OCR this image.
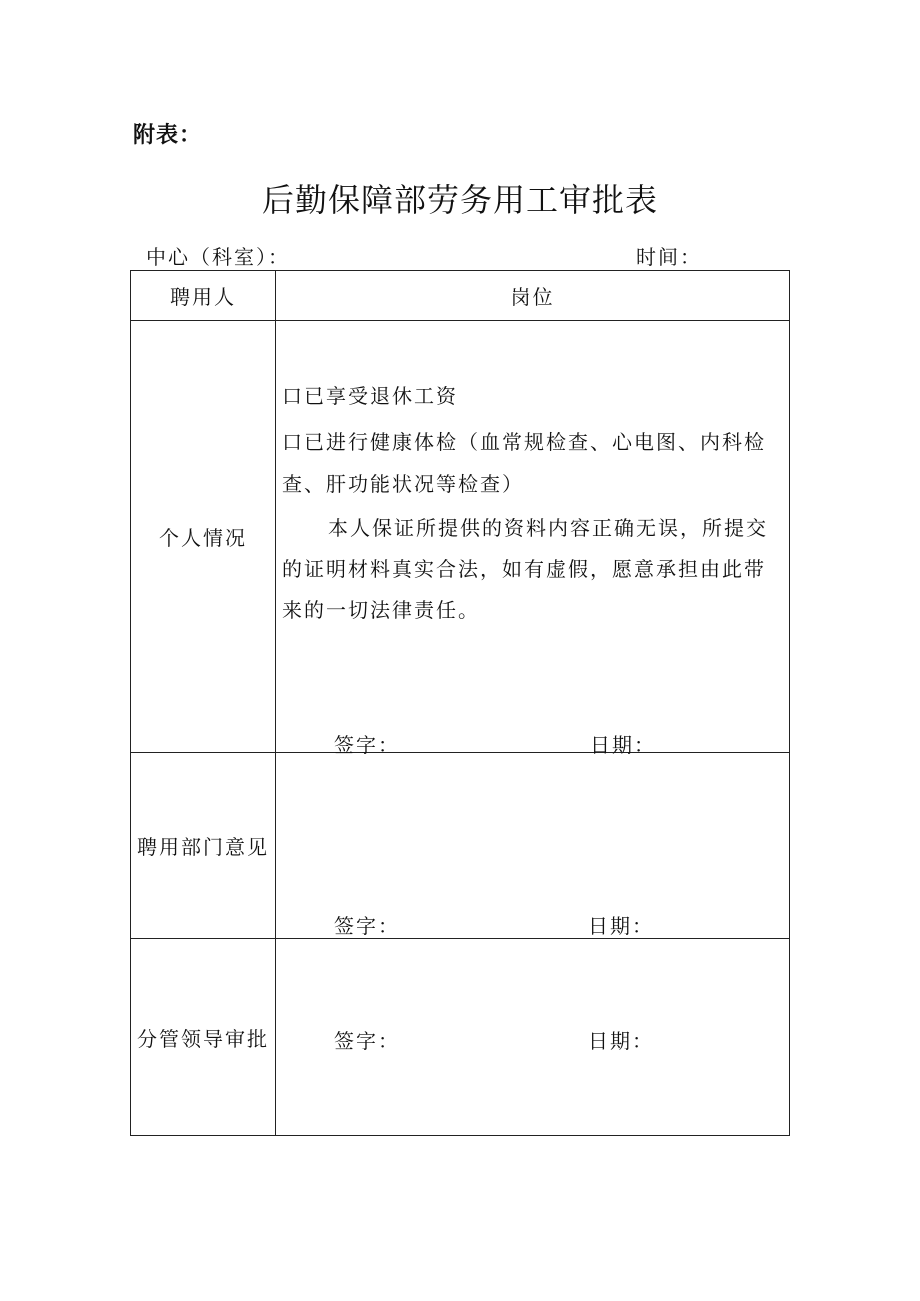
附表：
后勤保障部劳务用工审批表
中心（科室）：	时间：
聘用人	岗位
个人情况	口已享受退休工资
口已进行健康体检（血常规检查、心电图、内科检查、肝功能状况等检查）
本人保证所提供的资料内容正确无误，所提交的证明材料真实合法，如有虚假，愿意承担由此带来的一切法律责任。
签字： 日期：

聘用部门意见	签字： 日期：

分管领导审批	签字： 日期：
